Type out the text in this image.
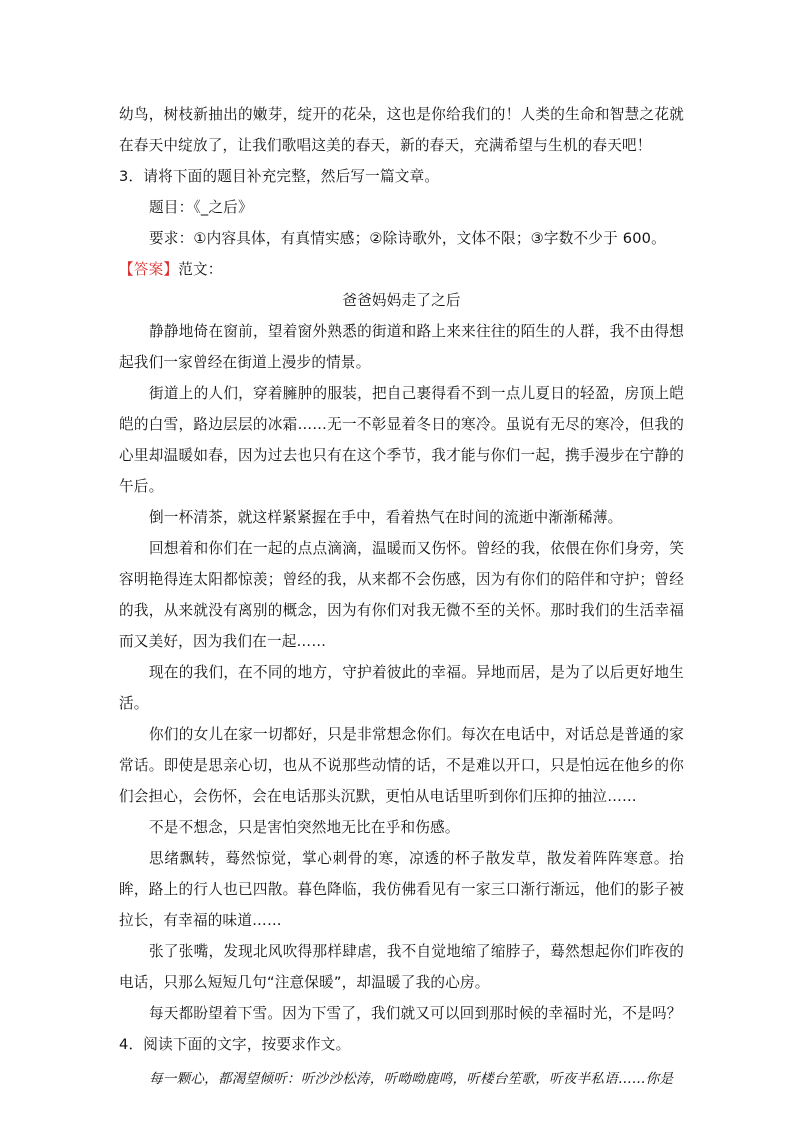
幼鸟，树枝新抽出的嫩芽，绽开的花朵，这也是你给我们的！人类的生命和智慧之花就在春天中绽放了，让我们歌唱这美的春天，新的春天，充满希望与生机的春天吧！

3．请将下面的题目补充完整，然后写一篇文章。

题目：《_之后》

要求：①内容具体，有真情实感；②除诗歌外，文体不限；③字数不少于 600。

【答案】范文：

爸爸妈妈走了之后

静静地倚在窗前，望着窗外熟悉的街道和路上来来往往的陌生的人群，我不由得想起我们一家曾经在街道上漫步的情景。

街道上的人们，穿着臃肿的服装，把自己裹得看不到一点儿夏日的轻盈，房顶上皑皑的白雪，路边层层的冰霜……无一不彰显着冬日的寒冷。虽说有无尽的寒冷，但我的心里却温暖如春，因为过去也只有在这个季节，我才能与你们一起，携手漫步在宁静的午后。

倒一杯清茶，就这样紧紧握在手中，看着热气在时间的流逝中渐渐稀薄。

回想着和你们在一起的点点滴滴，温暖而又伤怀。曾经的我，依偎在你们身旁，笑容明艳得连太阳都惊羡；曾经的我，从来都不会伤感，因为有你们的陪伴和守护；曾经的我，从来就没有离别的概念，因为有你们对我无微不至的关怀。那时我们的生活幸福而又美好，因为我们在一起……

现在的我们，在不同的地方，守护着彼此的幸福。异地而居，是为了以后更好地生活。

你们的女儿在家一切都好，只是非常想念你们。每次在电话中，对话总是普通的家常话。即使是思亲心切，也从不说那些动情的话，不是难以开口，只是怕远在他乡的你们会担心，会伤怀，会在电话那头沉默，更怕从电话里听到你们压抑的抽泣……

不是不想念，只是害怕突然地无比在乎和伤感。

思绪飘转，蓦然惊觉，掌心刺骨的寒，凉透的杯子散发草，散发着阵阵寒意。抬眸，路上的行人也已四散。暮色降临，我仿佛看见有一家三口渐行渐远，他们的影子被拉长，有幸福的味道……

张了张嘴，发现北风吹得那样肆虐，我不自觉地缩了缩脖子，蓦然想起你们昨夜的电话，只那么短短几句“注意保暖”，却温暖了我的心房。

每天都盼望着下雪。因为下雪了，我们就又可以回到那时候的幸福时光，不是吗？

4．阅读下面的文字，按要求作文。

每一颗心，都渴望倾听：听沙沙松涛，听呦呦鹿鸣，听楼台笙歌，听夜半私语……你是
